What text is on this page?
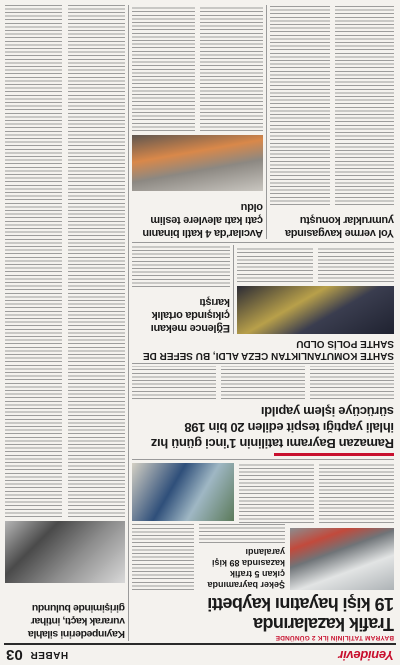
Yenidevir
HABER
03
BAYRAM TATİLİNİN İLK 2 GÜNÜNDE
Trafik kazalarında
19 kişi hayatını kaybetti
Şeker bayramında çıkan 5 trafik kazasında 89 kişi yaralandı
Ramazan Bayramı tatilinin 1'inci günü hız ihlali yaptığı tespit edilen 20 bin 198 sürücüye işlem yapıldı
SAHTE KOMUTANLIKTAN CEZA ALDI, BU SEFER DE SAHTE POLİS OLDU
Eğlence mekanı çıkışında ortalık karıştı
Yol verme kavgasında yumruklar konuştu
Avcılar'da 4 katlı binanın çatı katı alevlere teslim oldu
Kayınpederini silahla vurarak kaçtı, intihar girişiminde bulundu
